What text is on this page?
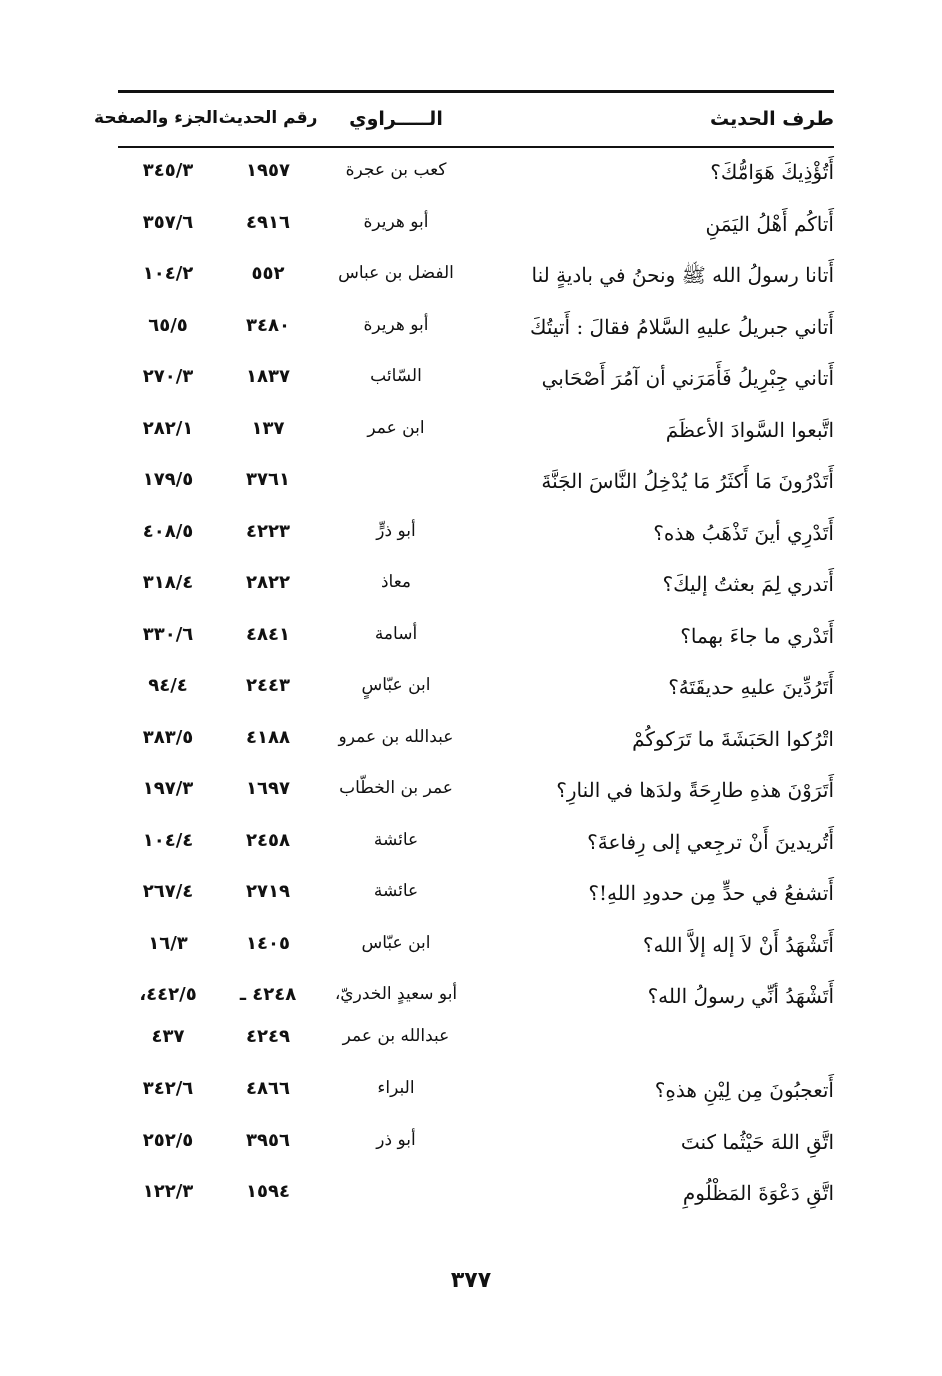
طرف الحديث
الـــــراوي
رقم الحديث
الجزء والصفحة
أَتُؤْذِيكَ هَوَامُّكَ؟
كعب بن عجرة
١٩٥٧
٣٤٥/٣
أَتاكُم أَهْلُ اليَمَنِ
أبو هريرة
٤٩١٦
٣٥٧/٦
أَتانا رسولُ الله ﷺ ونحنُ في باديةٍ لنا
الفضل بن عباس
٥٥٢
١٠٤/٢
أَتاني جبريلُ عليهِ السَّلامُ فقالَ : أَتيتُكَ
أبو هريرة
٣٤٨٠
٦٥/٥
أَتاني جِبْرِيلُ فَأَمَرَني أن آمُرَ أَصْحَابي
السّائب
١٨٣٧
٢٧٠/٣
اتَّبعوا السَّوادَ الأعظَمَ
ابن عمر
١٣٧
٢٨٢/١
أَتَدْرُونَ مَا أَكثَرُ مَا يُدْخِلُ النَّاسَ الجَنَّةَ
٣٧٦١
١٧٩/٥
أَتَدْرِي أينَ تَذْهَبُ هذه؟
أبو ذرٍّ
٤٢٢٣
٤٠٨/٥
أَتدري لِمَ بعثتُ إليكَ؟
معاذ
٢٨٢٢
٣١٨/٤
أَتَدْري ما جاءَ بهما؟
أسامة
٤٨٤١
٣٣٠/٦
أَتَرُدِّينَ عليهِ حديقَتَهُ؟
ابن عبّاسٍ
٢٤٤٣
٩٤/٤
اتْرُكوا الحَبَشَةَ ما تَرَكوكُمْ
عبدالله بن عمرو
٤١٨٨
٣٨٣/٥
أَتَرَوْنَ هذهِ طارِحَةً ولدَها في النارِ؟
عمر بن الخطّاب
١٦٩٧
١٩٧/٣
أَتُريدينَ أَنْ ترجِعي إلى رِفاعةَ؟
عائشة
٢٤٥٨
١٠٤/٤
أَتشفعُ في حدٍّ مِن حدودِ اللهِ!؟
عائشة
٢٧١٩
٢٦٧/٤
أَتَشْهَدُ أَنْ لاَ إله إلاَّ الله؟
ابن عبّاس
١٤٠٥
١٦/٣
أَتَشْهَدُ أنِّي رسولُ الله؟
أبو سعيدٍ الخدريّ،
٤٢٤٨ ـ
٤٤٢/٥،
عبدالله بن عمر
٤٢٤٩
٤٣٧
أَتعجبُونَ مِن لِيْنِ هذهِ؟
البراء
٤٨٦٦
٣٤٢/٦
اتَّقِ اللهَ حَيْثُما كنتَ
أبو ذر
٣٩٥٦
٢٥٢/٥
اتَّقِ دَعْوَةَ المَظْلُومِ
١٥٩٤
١٢٢/٣
٣٧٧
